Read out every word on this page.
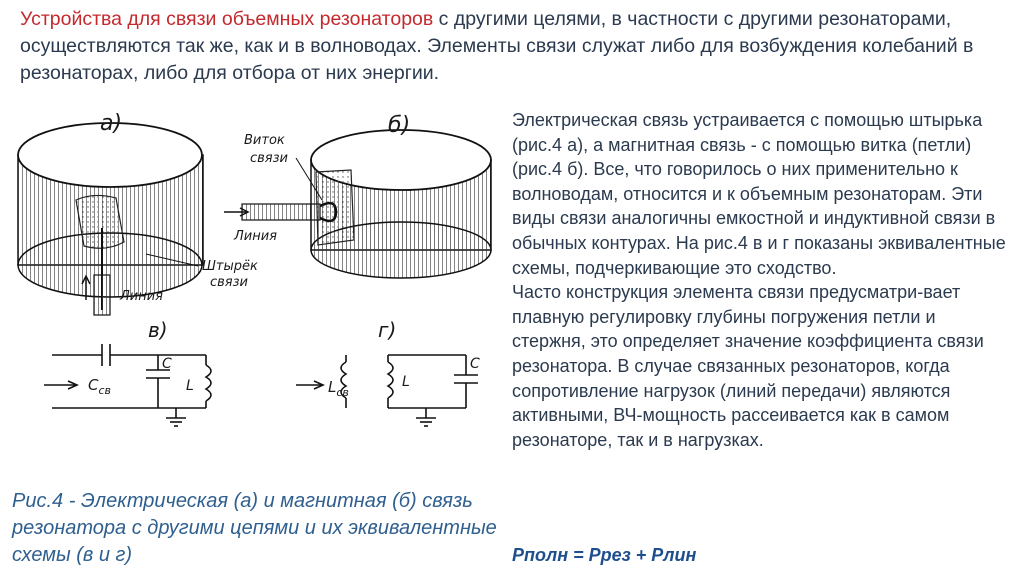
Устройства для связи объемных резонаторов с другими целями, в частности с другими резонаторами, осуществляются так же, как и в волноводах. Элементы связи служат либо для возбуждения колебаний в резонаторах, либо для отбора от них энергии.
а)
Штырёк
связи
Линия
б)
Виток
связи
Линия
в)
$C_{св}$
C
L
г)
$L_{св}$
L
C
Рис.4 - Электрическая (а) и магнитная (б) связь резонатора с другими цепями и их эквивалентные схемы (в и г)

Электрическая связь устраивается с помощью штырька (рис.4 а), а магнитная связь - с помощью витка (петли) (рис.4 б). Все, что говорилось о них применительно к волноводам, относится и к объемным резонаторам. Эти виды связи аналогичны емкостной и индуктивной связи в обычных контурах. На рис.4 в и г показаны эквивалентные схемы, подчеркивающие это сходство.

Часто конструкция элемента связи предусматри-вает плавную регулировку глубины погружения петли и стержня, это определяет значение коэффициента связи резонатора. В случае связанных резонаторов, когда сопротивление нагрузок (линий передачи) являются активными, ВЧ-мощность рассеивается как в самом резонаторе, так и в нагрузках.

Pполн = Pрез + Pлин
